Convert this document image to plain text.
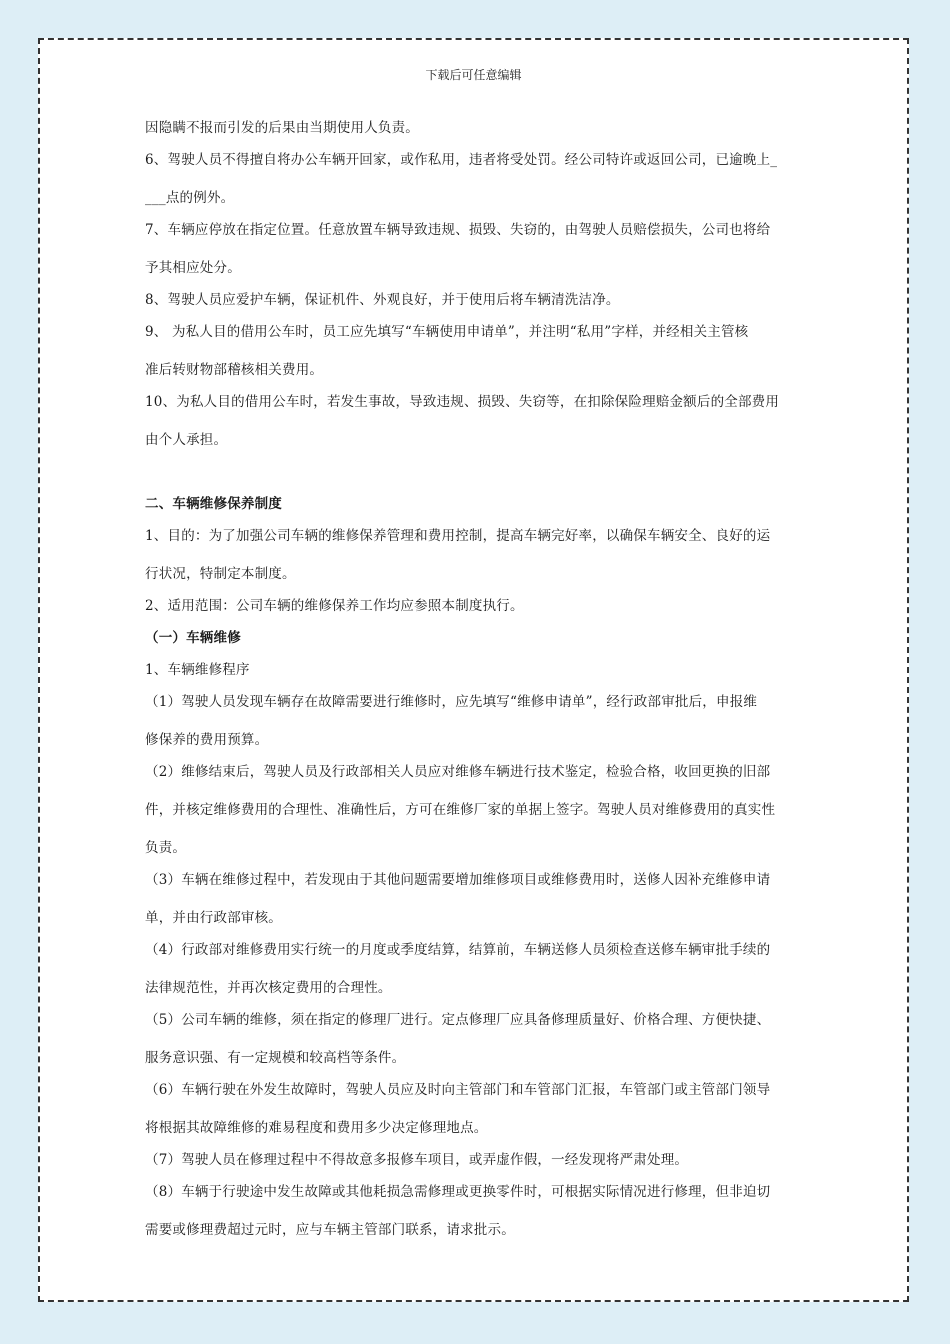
下载后可任意编辑
因隐瞒不报而引发的后果由当期使用人负责。
6、驾驶人员不得擅自将办公车辆开回家，或作私用，违者将受处罚。经公司特许或返回公司，已逾晚上_
___点的例外。
7、车辆应停放在指定位置。任意放置车辆导致违规、损毁、失窃的，由驾驶人员赔偿损失，公司也将给
予其相应处分。
8、驾驶人员应爱护车辆，保证机件、外观良好，并于使用后将车辆清洗洁净。
9、 为私人目的借用公车时，员工应先填写“车辆使用申请单”，并注明“私用”字样，并经相关主管核
准后转财物部稽核相关费用。
10、为私人目的借用公车时，若发生事故，导致违规、损毁、失窃等，在扣除保险理赔金额后的全部费用
由个人承担。
二、车辆维修保养制度
1、目的：为了加强公司车辆的维修保养管理和费用控制，提高车辆完好率，以确保车辆安全、良好的运
行状况，特制定本制度。
2、适用范围：公司车辆的维修保养工作均应参照本制度执行。
（一）车辆维修
1、车辆维修程序
（1）驾驶人员发现车辆存在故障需要进行维修时，应先填写“维修申请单”，经行政部审批后，申报维
修保养的费用预算。
（2）维修结束后，驾驶人员及行政部相关人员应对维修车辆进行技术鉴定，检验合格，收回更换的旧部
件，并核定维修费用的合理性、准确性后，方可在维修厂家的单据上签字。驾驶人员对维修费用的真实性
负责。
（3）车辆在维修过程中，若发现由于其他问题需要增加维修项目或维修费用时，送修人因补充维修申请
单，并由行政部审核。
（4）行政部对维修费用实行统一的月度或季度结算，结算前，车辆送修人员须检查送修车辆审批手续的
法律规范性，并再次核定费用的合理性。
（5）公司车辆的维修，须在指定的修理厂进行。定点修理厂应具备修理质量好、价格合理、方便快捷、
服务意识强、有一定规模和较高档等条件。
（6）车辆行驶在外发生故障时，驾驶人员应及时向主管部门和车管部门汇报，车管部门或主管部门领导
将根据其故障维修的难易程度和费用多少决定修理地点。
（7）驾驶人员在修理过程中不得故意多报修车项目，或弄虚作假，一经发现将严肃处理。
（8）车辆于行驶途中发生故障或其他耗损急需修理或更换零件时，可根据实际情况进行修理，但非迫切
需要或修理费超过元时，应与车辆主管部门联系，请求批示。
